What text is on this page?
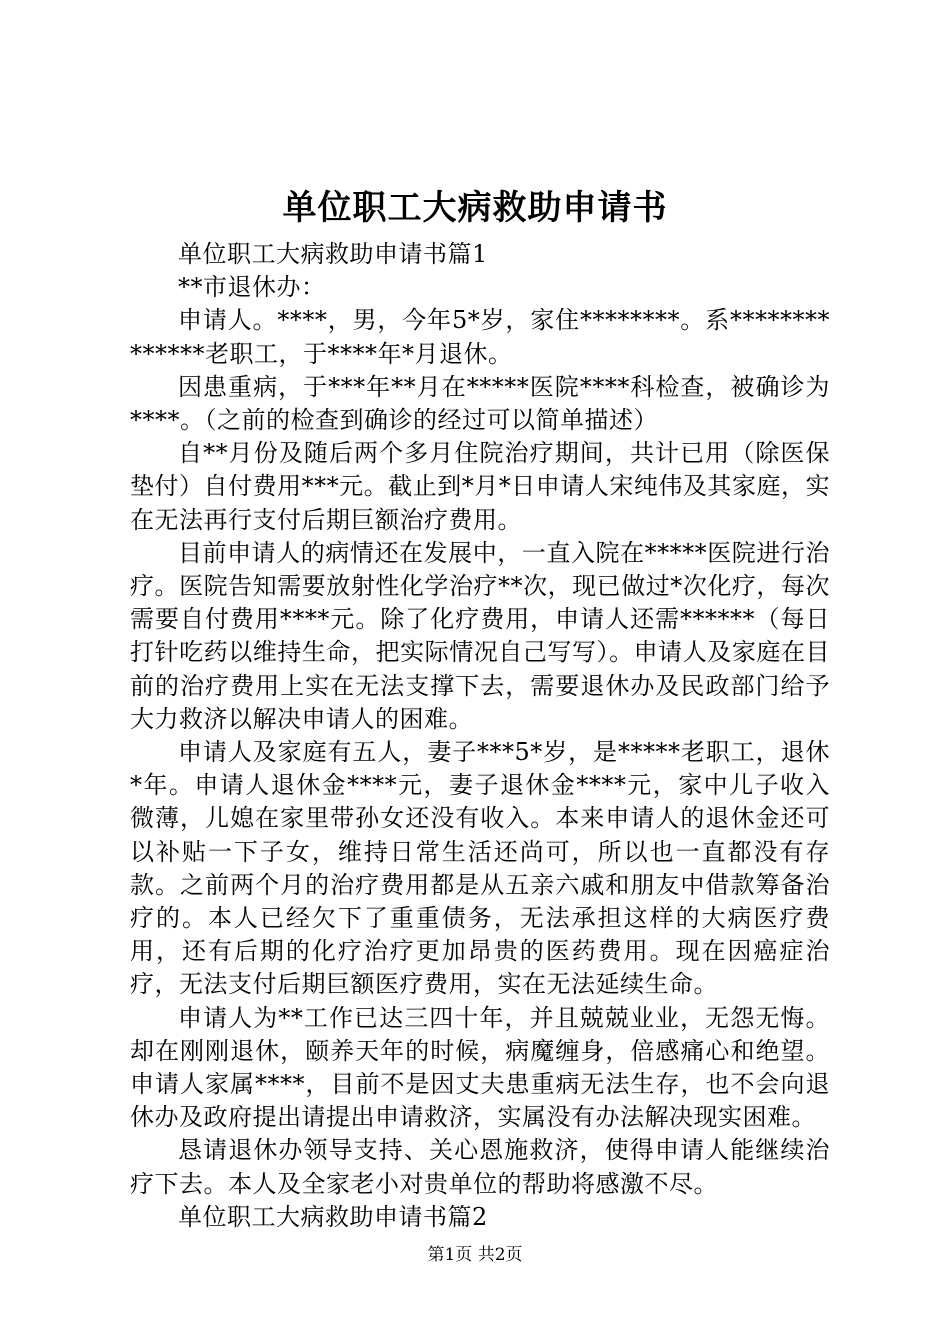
单位职工大病救助申请书

单位职工大病救助申请书篇1

**市退休办：

申请人。****，男，今年5*岁，家住********。系**************老职工，于****年*月退休。

因患重病，于***年**月在*****医院****科检查，被确诊为****。（之前的检查到确诊的经过可以简单描述）

自**月份及随后两个多月住院治疗期间，共计已用（除医保垫付）自付费用***元。截止到*月*日申请人宋纯伟及其家庭，实在无法再行支付后期巨额治疗费用。

目前申请人的病情还在发展中，一直入院在*****医院进行治疗。医院告知需要放射性化学治疗**次，现已做过*次化疗，每次需要自付费用****元。除了化疗费用，申请人还需******（每日打针吃药以维持生命，把实际情况自己写写）。申请人及家庭在目前的治疗费用上实在无法支撑下去，需要退休办及民政部门给予大力救济以解决申请人的困难。

申请人及家庭有五人，妻子***5*岁，是*****老职工，退休*年。申请人退休金****元，妻子退休金****元，家中儿子收入微薄，儿媳在家里带孙女还没有收入。本来申请人的退休金还可以补贴一下子女，维持日常生活还尚可，所以也一直都没有存款。之前两个月的治疗费用都是从五亲六戚和朋友中借款筹备治疗的。本人已经欠下了重重债务，无法承担这样的大病医疗费用，还有后期的化疗治疗更加昂贵的医药费用。现在因癌症治疗，无法支付后期巨额医疗费用，实在无法延续生命。

申请人为**工作已达三四十年，并且兢兢业业，无怨无悔。却在刚刚退休，颐养天年的时候，病魔缠身，倍感痛心和绝望。申请人家属****，目前不是因丈夫患重病无法生存，也不会向退休办及政府提出请提出申请救济，实属没有办法解决现实困难。

恳请退休办领导支持、关心恩施救济，使得申请人能继续治疗下去。本人及全家老小对贵单位的帮助将感激不尽。

单位职工大病救助申请书篇2

第1页 共2页
